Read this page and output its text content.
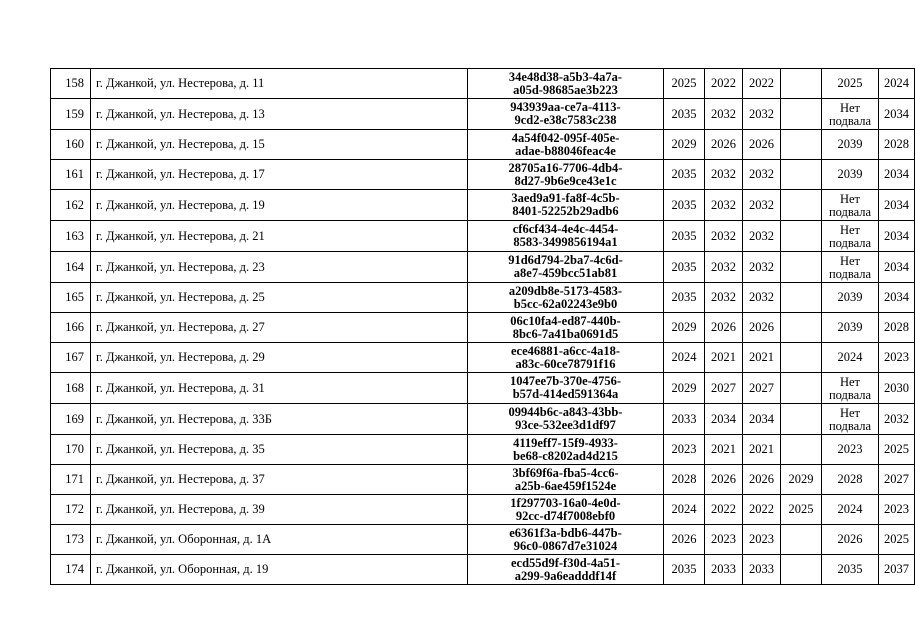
158	г. Джанкой, ул. Нестерова, д. 11	34e48d38-a5b3-4a7a-
a05d-98685ae3b223	2025	2022	2022		2025	2024
159	г. Джанкой, ул. Нестерова, д. 13	943939aa-ce7a-4113-
9cd2-e38c7583c238	2035	2032	2032		Нет подвала	2034
160	г. Джанкой, ул. Нестерова, д. 15	4a54f042-095f-405e-
adae-b88046feac4e	2029	2026	2026		2039	2028
161	г. Джанкой, ул. Нестерова, д. 17	28705a16-7706-4db4-
8d27-9b6e9ce43e1c	2035	2032	2032		2039	2034
162	г. Джанкой, ул. Нестерова, д. 19	3aed9a91-fa8f-4c5b-
8401-52252b29adb6	2035	2032	2032		Нет подвала	2034
163	г. Джанкой, ул. Нестерова, д. 21	cf6cf434-4e4c-4454-
8583-3499856194a1	2035	2032	2032		Нет подвала	2034
164	г. Джанкой, ул. Нестерова, д. 23	91d6d794-2ba7-4c6d-
a8e7-459bcc51ab81	2035	2032	2032		Нет подвала	2034
165	г. Джанкой, ул. Нестерова, д. 25	a209db8e-5173-4583-
b5cc-62a02243e9b0	2035	2032	2032		2039	2034
166	г. Джанкой, ул. Нестерова, д. 27	06c10fa4-ed87-440b-
8bc6-7a41ba0691d5	2029	2026	2026		2039	2028
167	г. Джанкой, ул. Нестерова, д. 29	ece46881-a6cc-4a18-
a83c-60ce78791f16	2024	2021	2021		2024	2023
168	г. Джанкой, ул. Нестерова, д. 31	1047ee7b-370e-4756-
b57d-414ed591364a	2029	2027	2027		Нет подвала	2030
169	г. Джанкой, ул. Нестерова, д. 33Б	09944b6c-a843-43bb-
93ce-532ee3d1df97	2033	2034	2034		Нет подвала	2032
170	г. Джанкой, ул. Нестерова, д. 35	4119eff7-15f9-4933-
be68-c8202ad4d215	2023	2021	2021		2023	2025
171	г. Джанкой, ул. Нестерова, д. 37	3bf69f6a-fba5-4cc6-
a25b-6ae459f1524e	2028	2026	2026	2029	2028	2027
172	г. Джанкой, ул. Нестерова, д. 39	1f297703-16a0-4e0d-
92cc-d74f7008ebf0	2024	2022	2022	2025	2024	2023
173	г. Джанкой, ул. Оборонная, д. 1А	e6361f3a-bdb6-447b-
96c0-0867d7e31024	2026	2023	2023		2026	2025
174	г. Джанкой, ул. Оборонная, д. 19	ecd55d9f-f30d-4a51-
a299-9a6eadddf14f	2035	2033	2033		2035	2037
